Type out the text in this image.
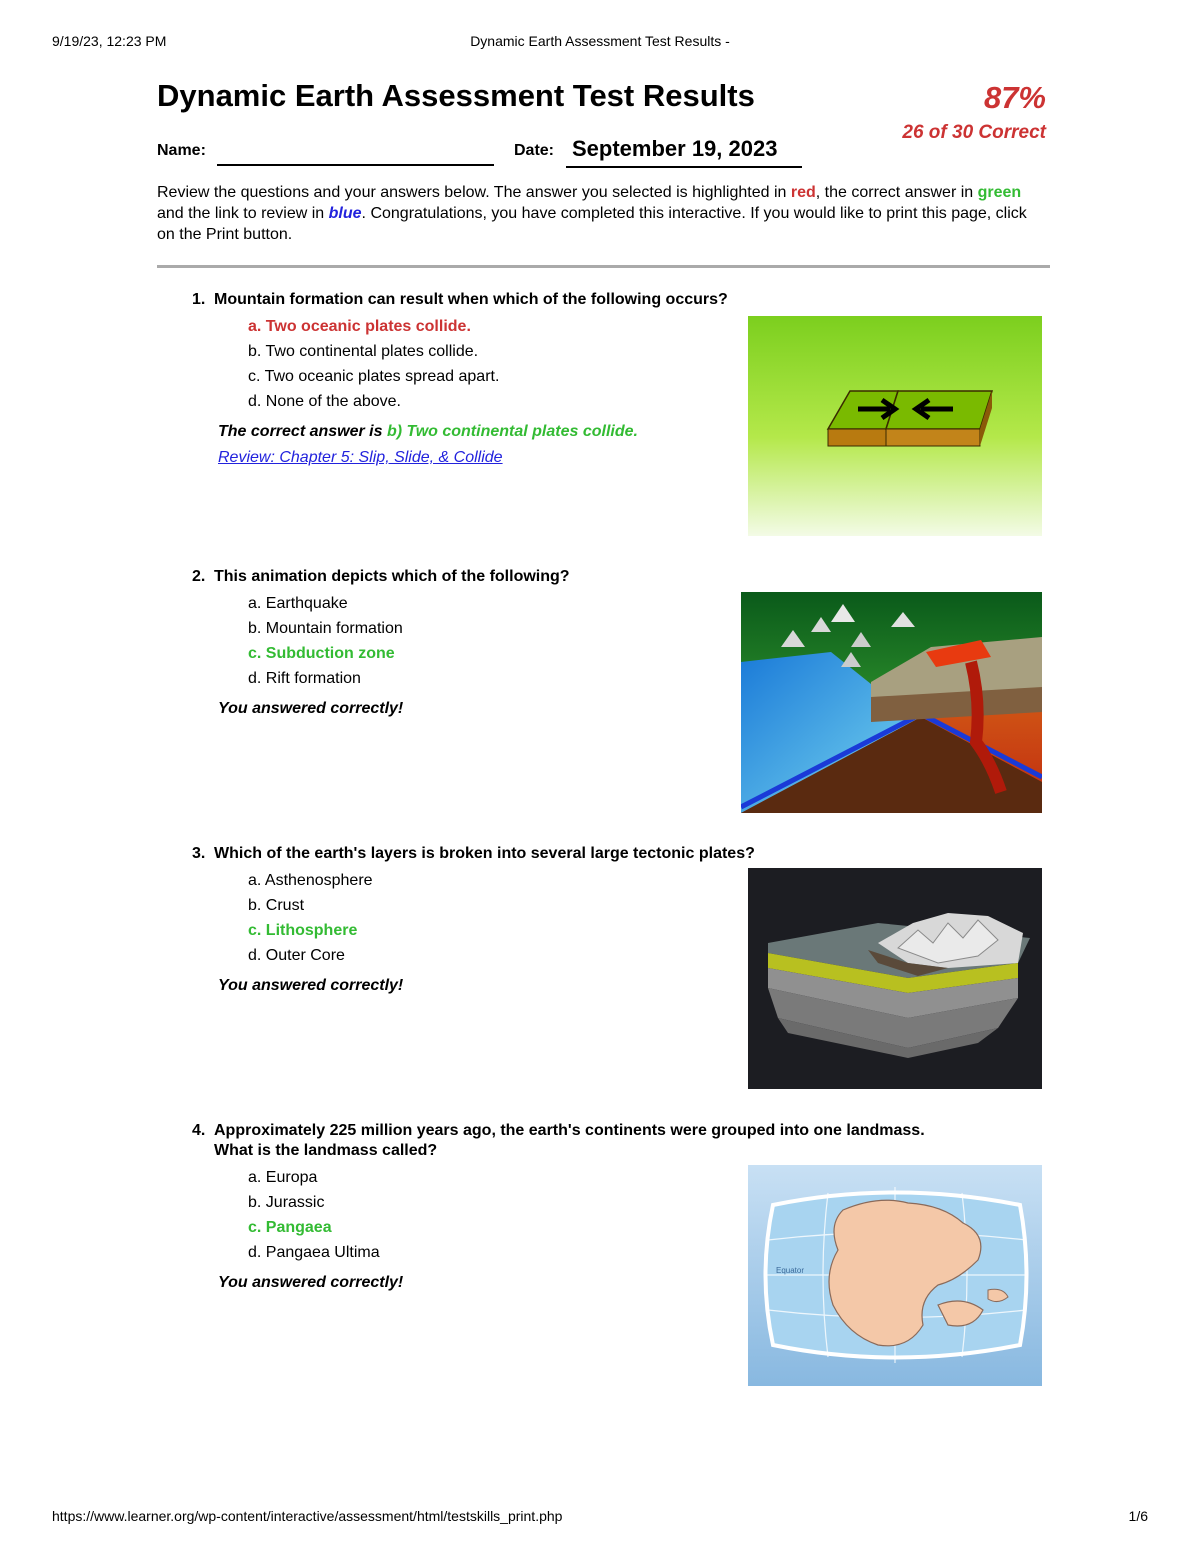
9/19/23, 12:23 PM	Dynamic Earth Assessment Test Results -
Dynamic Earth Assessment Test Results	87%
26 of 30 Correct
Name:	Date: September 19, 2023
Review the questions and your answers below. The answer you selected is highlighted in red, the correct answer in green and the link to review in blue. Congratulations, you have completed this interactive. If you would like to print this page, click on the Print button.

1. Mountain formation can result when which of the following occurs?

a. Two oceanic plates collide.
b. Two continental plates collide.
c. Two oceanic plates spread apart.
d. None of the above.
The correct answer is b) Two continental plates collide.
Review: Chapter 5: Slip, Slide, & Collide

2. This animation depicts which of the following?

a. Earthquake
b. Mountain formation
c. Subduction zone
d. Rift formation
You answered correctly!

3. Which of the earth's layers is broken into several large tectonic plates?

a. Asthenosphere
b. Crust
c. Lithosphere
d. Outer Core
You answered correctly!

4. Approximately 225 million years ago, the earth's continents were grouped into one landmass.
What is the landmass called?

a. Europa
b. Jurassic
c. Pangaea
d. Pangaea Ultima
You answered correctly!
Equator
https://www.learner.org/wp-content/interactive/assessment/html/testskills_print.php	1/6
